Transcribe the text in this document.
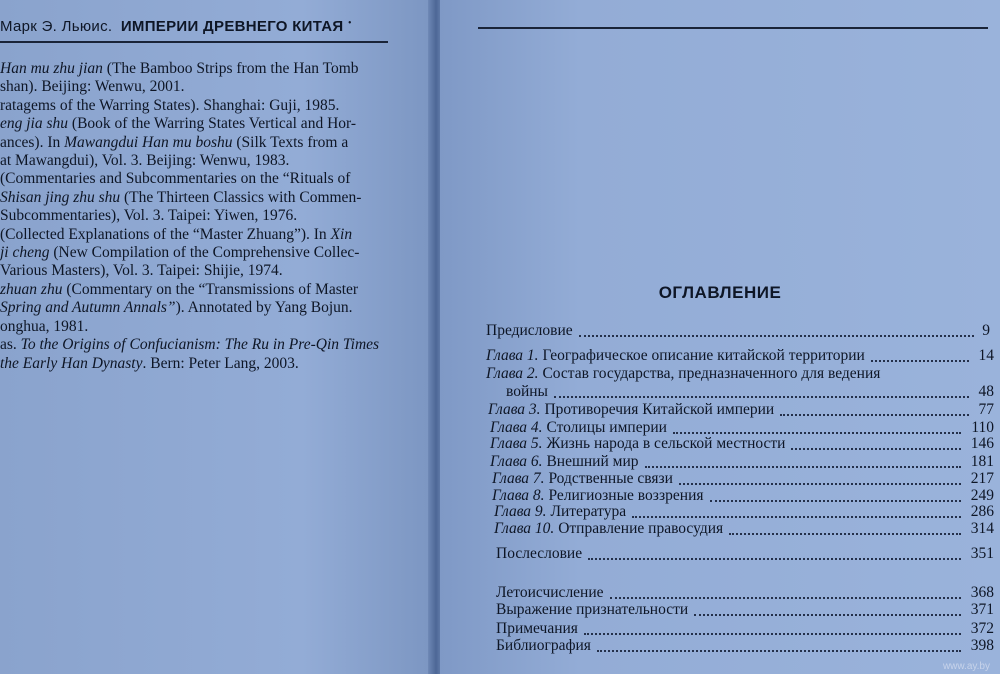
Марк Э. Льюис. ИМПЕРИИ ДРЕВНЕГО КИТАЯ •
Han mu zhu jian (The Bamboo Strips from the Han Tomb
shan). Beijing: Wenwu, 2001.
ratagems of the Warring States). Shanghai: Guji, 1985.
eng jia shu (Book of the Warring States Vertical and Hor-
ances). In Mawangdui Han mu boshu (Silk Texts from a
at Mawangdui), Vol. 3. Beijing: Wenwu, 1983.
(Commentaries and Subcommentaries on the “Rituals of
Shisan jing zhu shu (The Thirteen Classics with Commen-
Subcommentaries), Vol. 3. Taipei: Yiwen, 1976.
(Collected Explanations of the “Master Zhuang”). In Xin
ji cheng (New Compilation of the Comprehensive Collec-
Various Masters), Vol. 3. Taipei: Shijie, 1974.
zhuan zhu (Commentary on the “Transmissions of Master
Spring and Autumn Annals”). Annotated by Yang Bojun.
onghua, 1981.
as. To the Origins of Confucianism: The Ru in Pre-Qin Times
the Early Han Dynasty. Bern: Peter Lang, 2003.
ОГЛАВЛЕНИЕ
Предисловие	9
Глава 1. Географическое описание китайской территории	14
Глава 2. Состав государства, предназначенного для ведения
войны	48
Глава 3. Противоречия Китайской империи	77
Глава 4. Столицы империи	110
Глава 5. Жизнь народа в сельской местности	146
Глава 6. Внешний мир	181
Глава 7. Родственные связи	217
Глава 8. Религиозные воззрения	249
Глава 9. Литература	286
Глава 10. Отправление правосудия	314
Послесловие	351
Летоисчисление	368
Выражение признательности	371
Примечания	372
Библиография	398
www.ay.by
